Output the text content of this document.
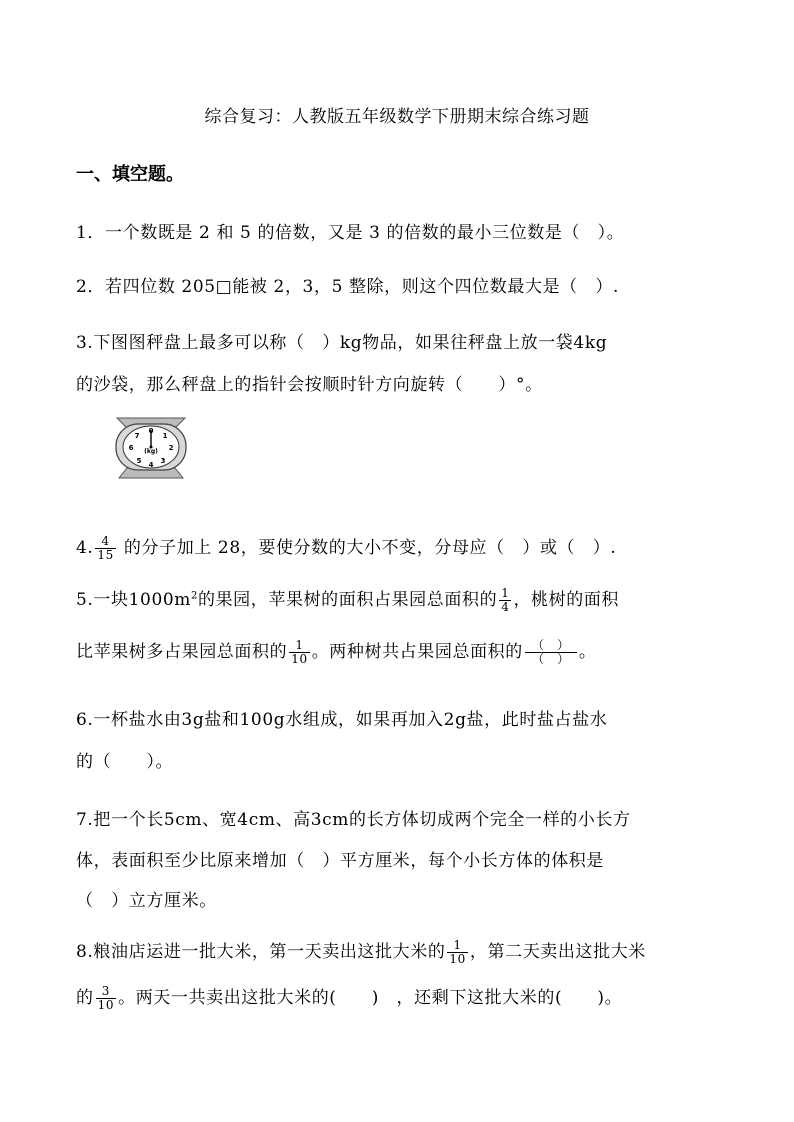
综合复习：人教版五年级数学下册期末综合练习题
一、填空题。
1．一个数既是 2 和 5 的倍数，又是 3 的倍数的最小三位数是（　）。
2．若四位数 205□能被 2，3，5 整除，则这个四位数最大是（　）.
3.下图图秤盘上最多可以称（　）kg物品，如果往秤盘上放一袋4kg
的沙袋，那么秤盘上的指针会按顺时针方向旋转（　　）°。
0
1
2
3
4
5
6
7
(kg)
4. $\frac{4}{15}$ 的分子加上 28，要使分数的大小不变，分母应（　）或（　）.
5.一块$1000m^2$的果园，苹果树的面积占果园总面积的 $\frac{1}{4}$ ，桃树的面积
比苹果树多占果园总面积的 $\frac{1}{10}$ 。两种树共占果园总面积的 $\frac{( )}{( )}$ 。
6.一杯盐水由3g盐和100g水组成，如果再加入2g盐，此时盐占盐水
的（　　）。
7.把一个长5cm、宽4cm、高3cm的长方体切成两个完全一样的小长方
体，表面积至少比原来增加（　）平方厘米，每个小长方体的体积是
（　）立方厘米。
8.粮油店运进一批大米，第一天卖出这批大米的 $\frac{1}{10}$ ，第二天卖出这批大米
的 $\frac{3}{10}$ 。两天一共卖出这批大米的(　　)　，还剩下这批大米的(　　)。
